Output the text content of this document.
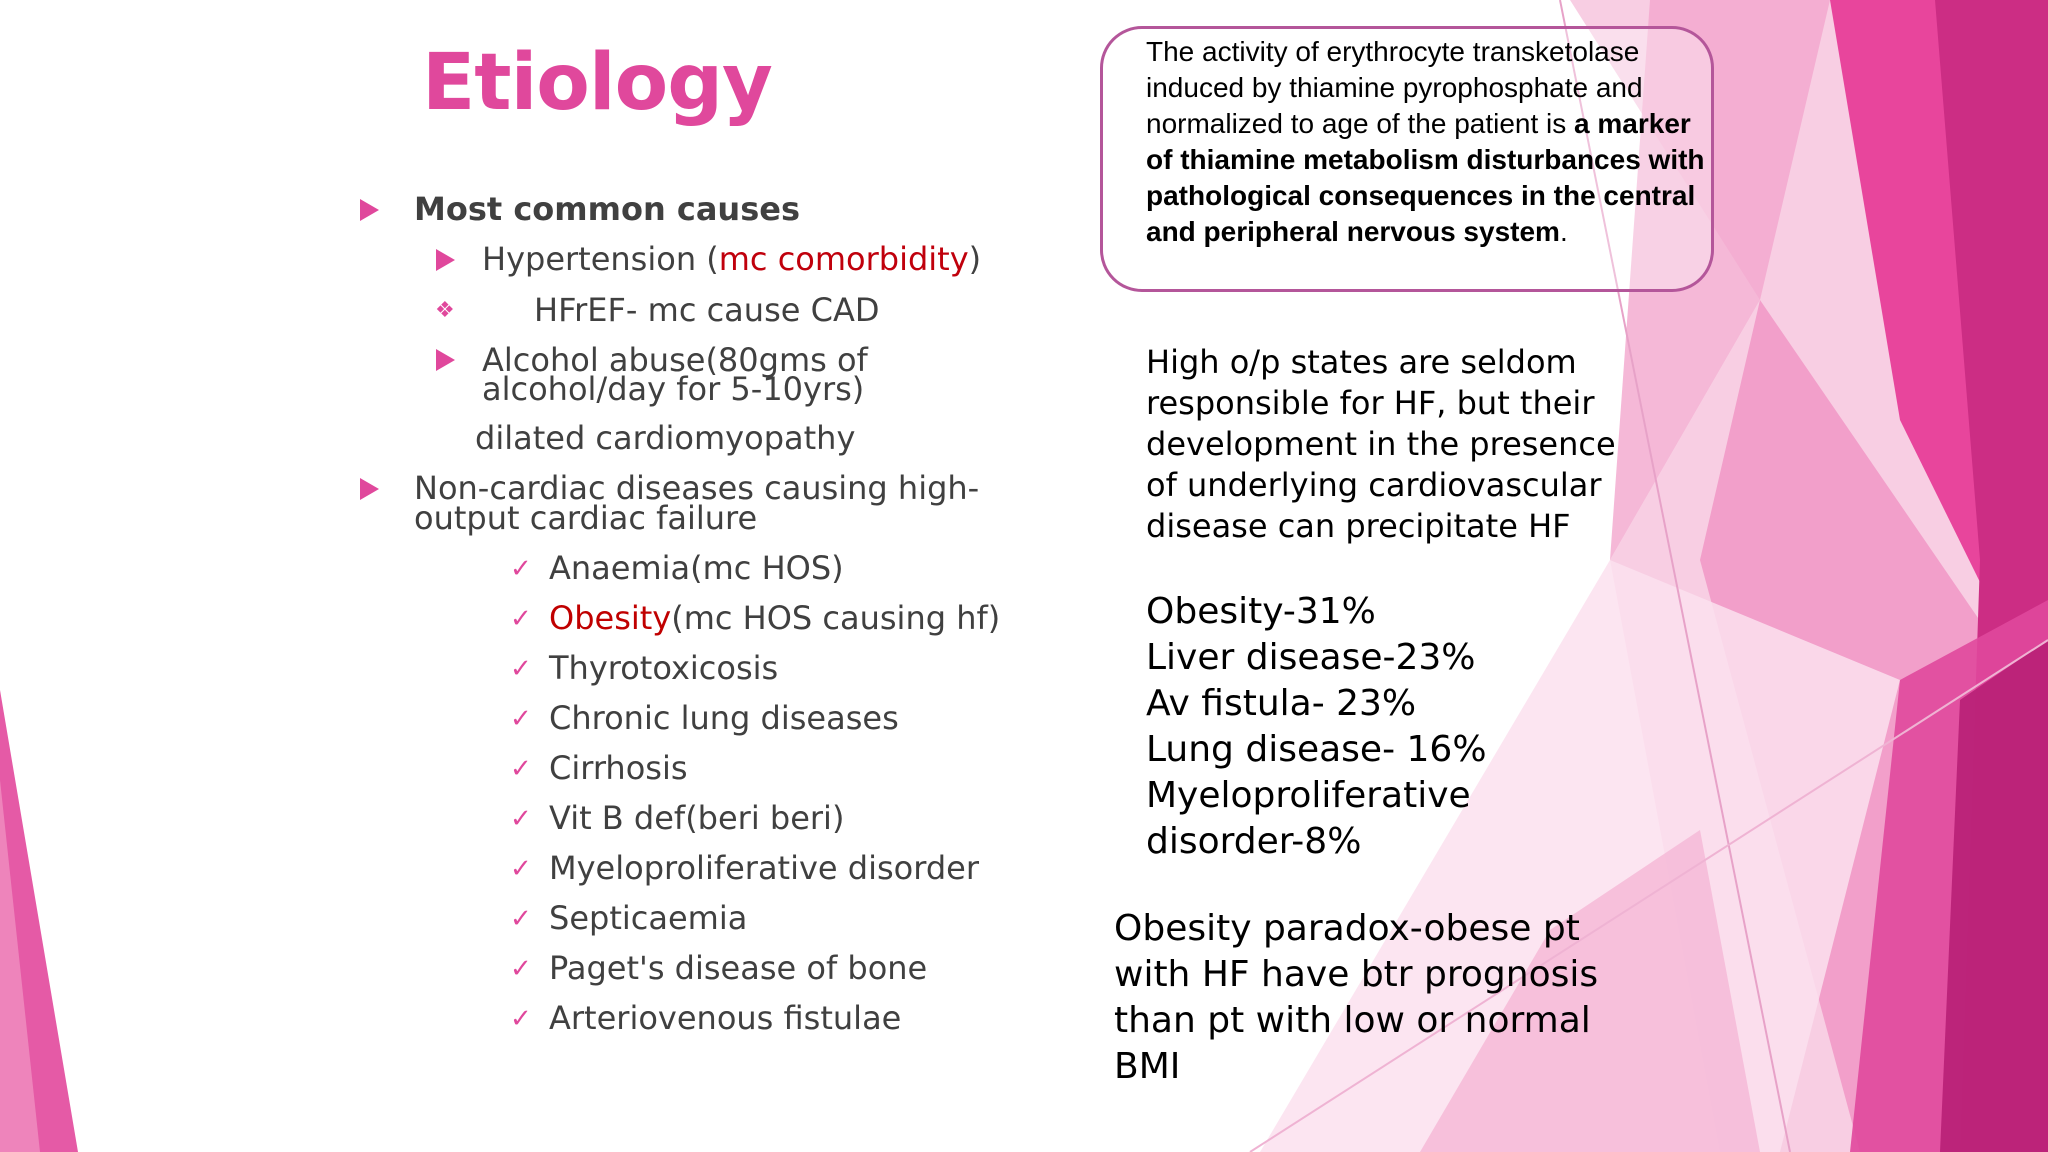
Etiology
Most common causes
Hypertension (mc comorbidity)
❖ HFrEF- mc cause CAD
Alcohol abuse(80gms of
alcohol/day for 5-10yrs)
dilated cardiomyopathy
Non-cardiac diseases causing high-
output cardiac failure
✓ Anaemia(mc HOS)
✓ Obesity(mc HOS causing hf)
✓ Thyrotoxicosis
✓ Chronic lung diseases
✓ Cirrhosis
✓ Vit B def(beri beri)
✓ Myeloproliferative disorder
✓ Septicaemia
✓ Paget's disease of bone
✓ Arteriovenous fistulae
The activity of erythrocyte transketolase induced by thiamine pyrophosphate and normalized to age of the patient is a marker of thiamine metabolism disturbances with pathological consequences in the central and peripheral nervous system.
High o/p states are seldom
responsible for HF, but their
development in the presence
of underlying cardiovascular
disease can precipitate HF
Obesity-31%
Liver disease-23%
Av fistula- 23%
Lung disease- 16%
Myeloproliferative
disorder-8%
Obesity paradox-obese pt
with HF have btr prognosis
than pt with low or normal
BMI
